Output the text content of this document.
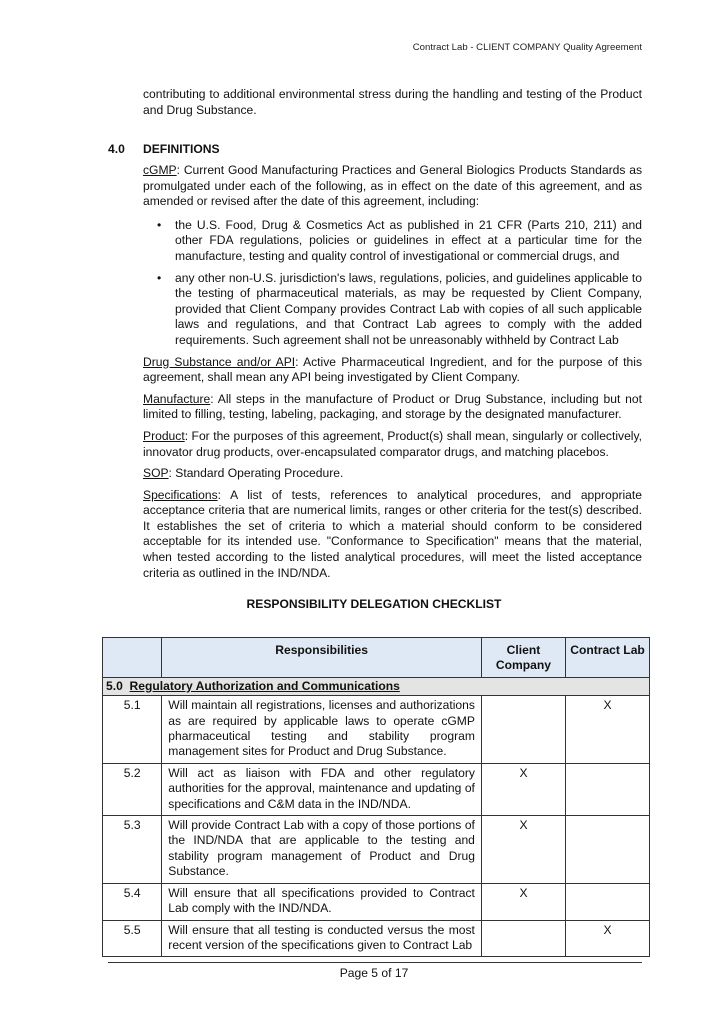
Contract Lab - CLIENT COMPANY Quality Agreement

contributing to additional environmental stress during the handling and testing of the Product and Drug Substance.

4.0 DEFINITIONS

cGMP: Current Good Manufacturing Practices and General Biologics Products Standards as promulgated under each of the following, as in effect on the date of this agreement, and as amended or revised after the date of this agreement, including:

• the U.S. Food, Drug & Cosmetics Act as published in 21 CFR (Parts 210, 211) and other FDA regulations, policies or guidelines in effect at a particular time for the manufacture, testing and quality control of investigational or commercial drugs, and
• any other non-U.S. jurisdiction's laws, regulations, policies, and guidelines applicable to the testing of pharmaceutical materials, as may be requested by Client Company, provided that Client Company provides Contract Lab with copies of all such applicable laws and regulations, and that Contract Lab agrees to comply with the added requirements. Such agreement shall not be unreasonably withheld by Contract Lab

Drug Substance and/or API: Active Pharmaceutical Ingredient, and for the purpose of this agreement, shall mean any API being investigated by Client Company.

Manufacture: All steps in the manufacture of Product or Drug Substance, including but not limited to filling, testing, labeling, packaging, and storage by the designated manufacturer.

Product: For the purposes of this agreement, Product(s) shall mean, singularly or collectively, innovator drug products, over-encapsulated comparator drugs, and matching placebos.

SOP: Standard Operating Procedure.

Specifications: A list of tests, references to analytical procedures, and appropriate acceptance criteria that are numerical limits, ranges or other criteria for the test(s) described. It establishes the set of criteria to which a material should conform to be considered acceptable for its intended use. "Conformance to Specification" means that the material, when tested according to the listed analytical procedures, will meet the listed acceptance criteria as outlined in the IND/NDA.

RESPONSIBILITY DELEGATION CHECKLIST
	Responsibilities	Client Company	Contract Lab
5.0 Regulatory Authorization and Communications			
5.1	Will maintain all registrations, licenses and authorizations as are required by applicable laws to operate cGMP pharmaceutical testing and stability program management sites for Product and Drug Substance.		X
5.2	Will act as liaison with FDA and other regulatory authorities for the approval, maintenance and updating of specifications and C&M data in the IND/NDA.	X	
5.3	Will provide Contract Lab with a copy of those portions of the IND/NDA that are applicable to the testing and stability program management of Product and Drug Substance.	X	
5.4	Will ensure that all specifications provided to Contract Lab comply with the IND/NDA.	X	
5.5	Will ensure that all testing is conducted versus the most recent version of the specifications given to Contract Lab		X
Page 5 of 17
